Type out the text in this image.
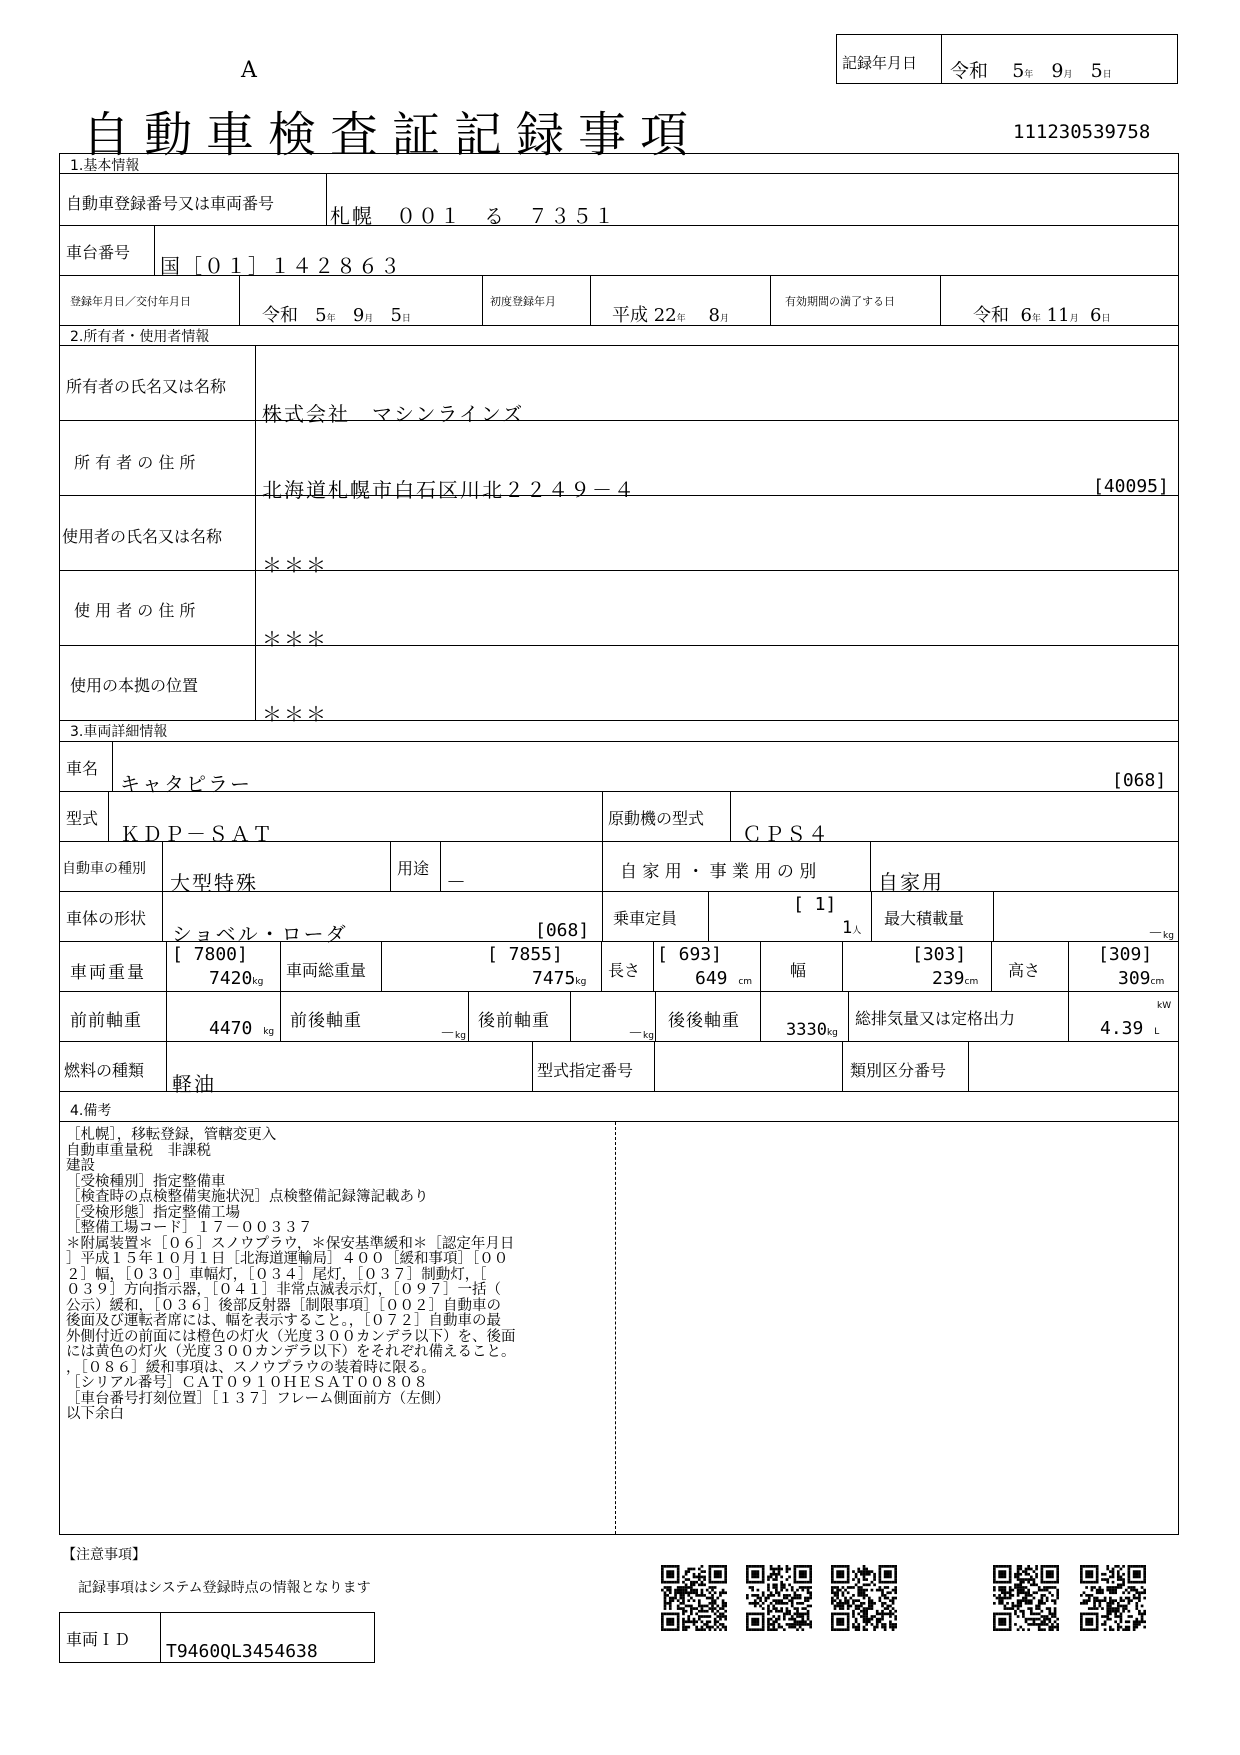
A	記録年月日 令和 5年 9月 5日
自動車検査証記録事項	111230539758
1.基本情報
自動車登録番号又は車両番号
札幌　００１　る　７３５１
車台番号
国［０１］１４２８６３
登録年月日／交付年月日
令和 5年 9月 5日
初度登録年月
平成 22年 8月
有効期間の満了する日
令和 6年 11月 6日
2.所有者・使用者情報
所有者の氏名又は名称
株式会社　マシンラインズ
所 有 者 の 住 所
北海道札幌市白石区川北２２４９－４	[40095]
使用者の氏名又は名称
＊＊＊
使 用 者 の 住 所
＊＊＊
使用の本拠の位置
＊＊＊
3.車両詳細情報
車名
キャタピラー	[068]
型式
ＫＤＰ－ＳＡＴ
原動機の型式
ＣＰＳ４
自動車の種別
大型特殊
用途
－	自 家 用 ・ 事 業 用 の 別	自家用
車体の形状
ショベル・ローダ	[068]
乗車定員
[ 1]
1人
最大積載量
－kg
車両重量
[ 7800]
7420kg
車両総重量
[ 7855]
7475kg
長さ
[ 693]
649 cm
幅
[303]
239cm
高さ
[309]
309cm
前前軸重	4470 kg
前後軸重
－kg
後前軸重
－kg
後後軸重	3330kg
総排気量又は定格出力
kW
4.39 L
燃料の種類
軽油
型式指定番号	類別区分番号
4.備考
［札幌］，移転登録，管轄変更入
自動車重量税　非課税
建設
［受検種別］指定整備車
［検査時の点検整備実施状況］点検整備記録簿記載あり
［受検形態］指定整備工場
［整備工場コード］１７－００３３７
＊附属装置＊［０６］スノウプラウ，＊保安基準緩和＊［認定年月日
］平成１５年１０月１日［北海道運輸局］４００［緩和事項］［００
２］幅，［０３０］車幅灯，［０３４］尾灯，［０３７］制動灯，［
０３９］方向指示器，［０４１］非常点滅表示灯，［０９７］一括（
公示）緩和，［０３６］後部反射器［制限事項］［００２］自動車の
後面及び運転者席には、幅を表示すること。，［０７２］自動車の最
外側付近の前面には橙色の灯火（光度３００カンデラ以下）を、後面
には黄色の灯火（光度３００カンデラ以下）をそれぞれ備えること。
，［０８６］緩和事項は、スノウプラウの装着時に限る。
［シリアル番号］ＣＡＴ０９１０ＨＥＳＡＴ００８０８
［車台番号打刻位置］［１３７］フレーム側面前方（左側）
以下余白
【注意事項】
記録事項はシステム登録時点の情報となります
車両ＩＤ
T9460QL3454638
